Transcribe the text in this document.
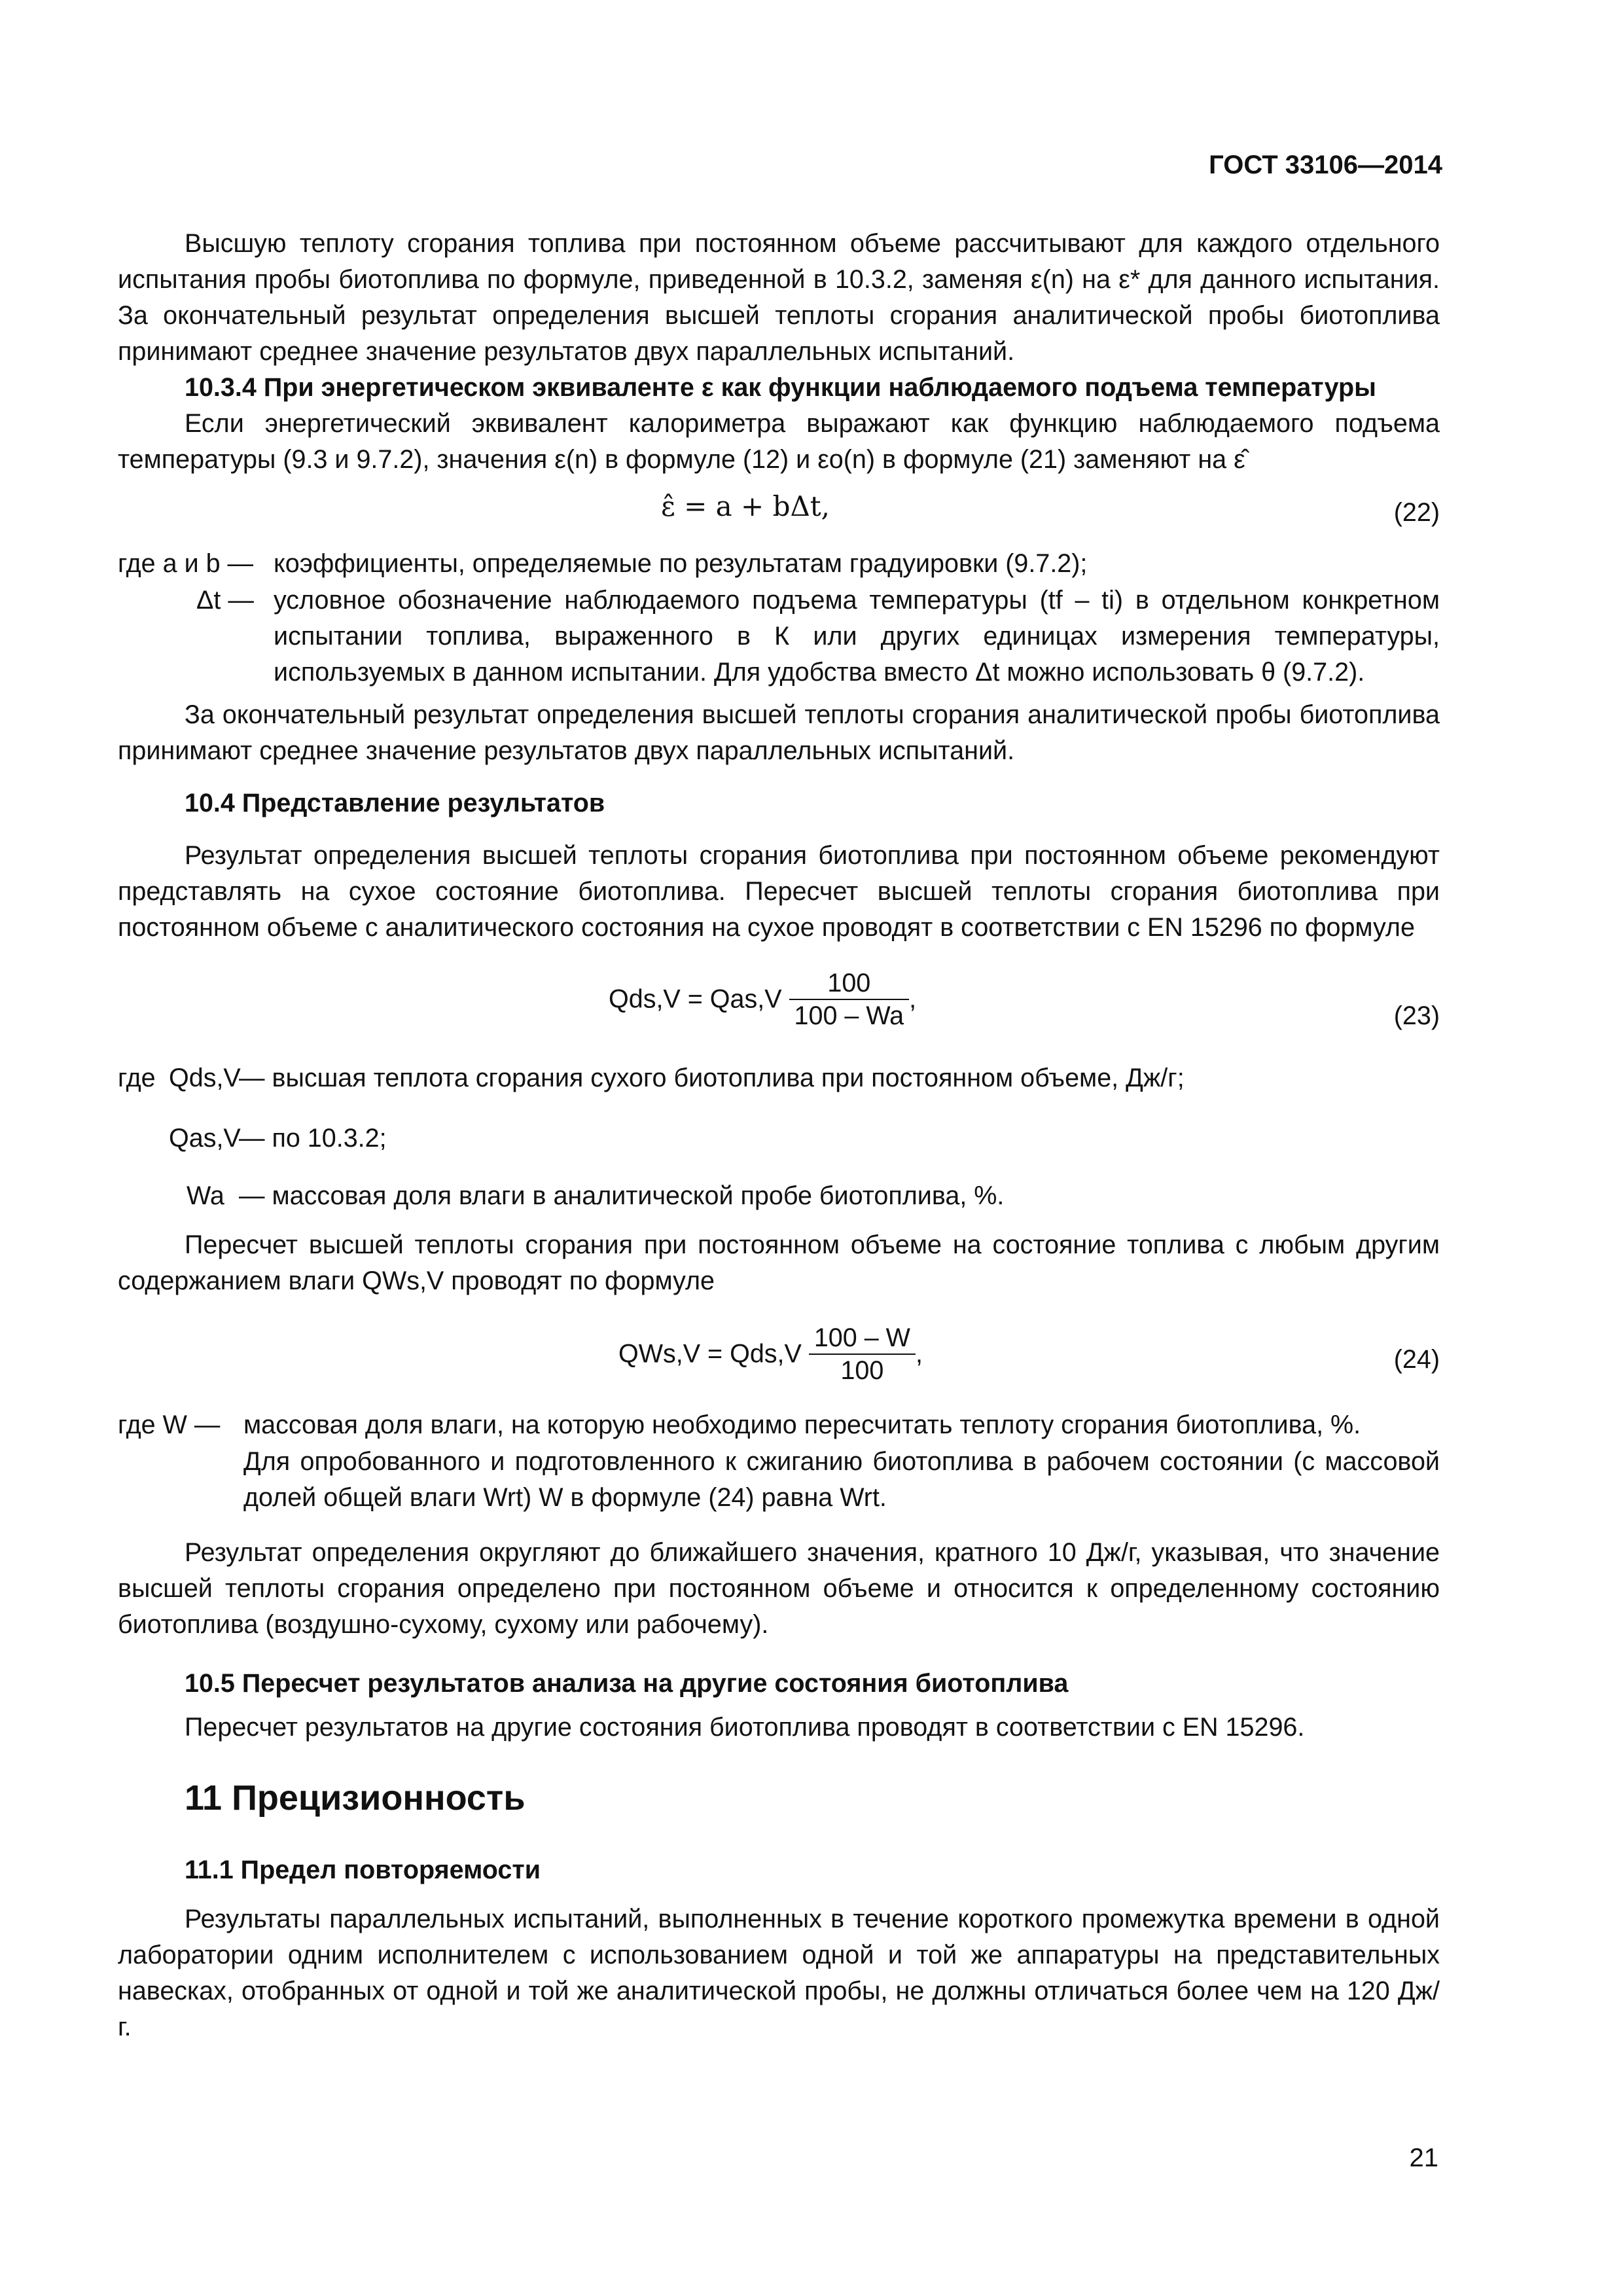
ГОСТ 33106—2014

Высшую теплоту сгорания топлива при постоянном объеме рассчитывают для каждого отдельного испытания пробы биотоплива по формуле, приведенной в 10.3.2, заменяя ε(n) на ε* для данного испытания. За окончательный результат определения высшей теплоты сгорания аналитической пробы биотоплива принимают среднее значение результатов двух параллельных испытаний.

10.3.4 При энергетическом эквиваленте ε как функции наблюдаемого подъема температуры

Если энергетический эквивалент калориметра выражают как функцию наблюдаемого подъема температуры (9.3 и 9.7.2), значения ε(n) в формуле (12) и εo(n) в формуле (21) заменяют на ε̂

ε̂ = a + bΔt,	(22)
где a и b — коэффициенты, определяемые по результатам градуировки (9.7.2);
Δt — условное обозначение наблюдаемого подъема температуры (tf – ti) в отдельном конкретном испытании топлива, выраженного в К или других единицах измерения температуры, используемых в данном испытании. Для удобства вместо Δt можно использовать θ (9.7.2).

За окончательный результат определения высшей теплоты сгорания аналитической пробы биотоплива принимают среднее значение результатов двух параллельных испытаний.

10.4 Представление результатов

Результат определения высшей теплоты сгорания биотоплива при постоянном объеме рекомендуют представлять на сухое состояние биотоплива. Пересчет высшей теплоты сгорания биотоплива при постоянном объеме с аналитического состояния на сухое проводят в соответствии с EN 15296 по формуле

$Qds,V = Qas,V \frac{100}{100 - Wa}$ ,
(23)
где Qds,V
— высшая теплота сгорания сухого биотоплива при постоянном объеме, Дж/г;
Qas,V
— по 10.3.2;
Wa — массовая доля влаги в аналитической пробе биотоплива, %.

Пересчет высшей теплоты сгорания при постоянном объеме на состояние топлива с любым другим содержанием влаги QWs,V проводят по формуле

$QWs,V = Qds,V \frac{100 - W}{100}$ ,	(24)
где W — массовая доля влаги, на которую необходимо пересчитать теплоту сгорания биотоплива, %.
Для опробованного и подготовленного к сжиганию биотоплива в рабочем состоянии (с массовой долей общей влаги Wrt) W в формуле (24) равна Wrt.

Результат определения округляют до ближайшего значения, кратного 10 Дж/г, указывая, что значение высшей теплоты сгорания определено при постоянном объеме и относится к определенному состоянию биотоплива (воздушно-сухому, сухому или рабочему).

10.5 Пересчет результатов анализа на другие состояния биотоплива

Пересчет результатов на другие состояния биотоплива проводят в соответствии с EN 15296.

11 Прецизионность
11.1 Предел повторяемости

Результаты параллельных испытаний, выполненных в течение короткого промежутка времени в одной лаборатории одним исполнителем с использованием одной и той же аппаратуры на представительных навесках, отобранных от одной и той же аналитической пробы, не должны отличаться более чем на 120 Дж/г.

21
